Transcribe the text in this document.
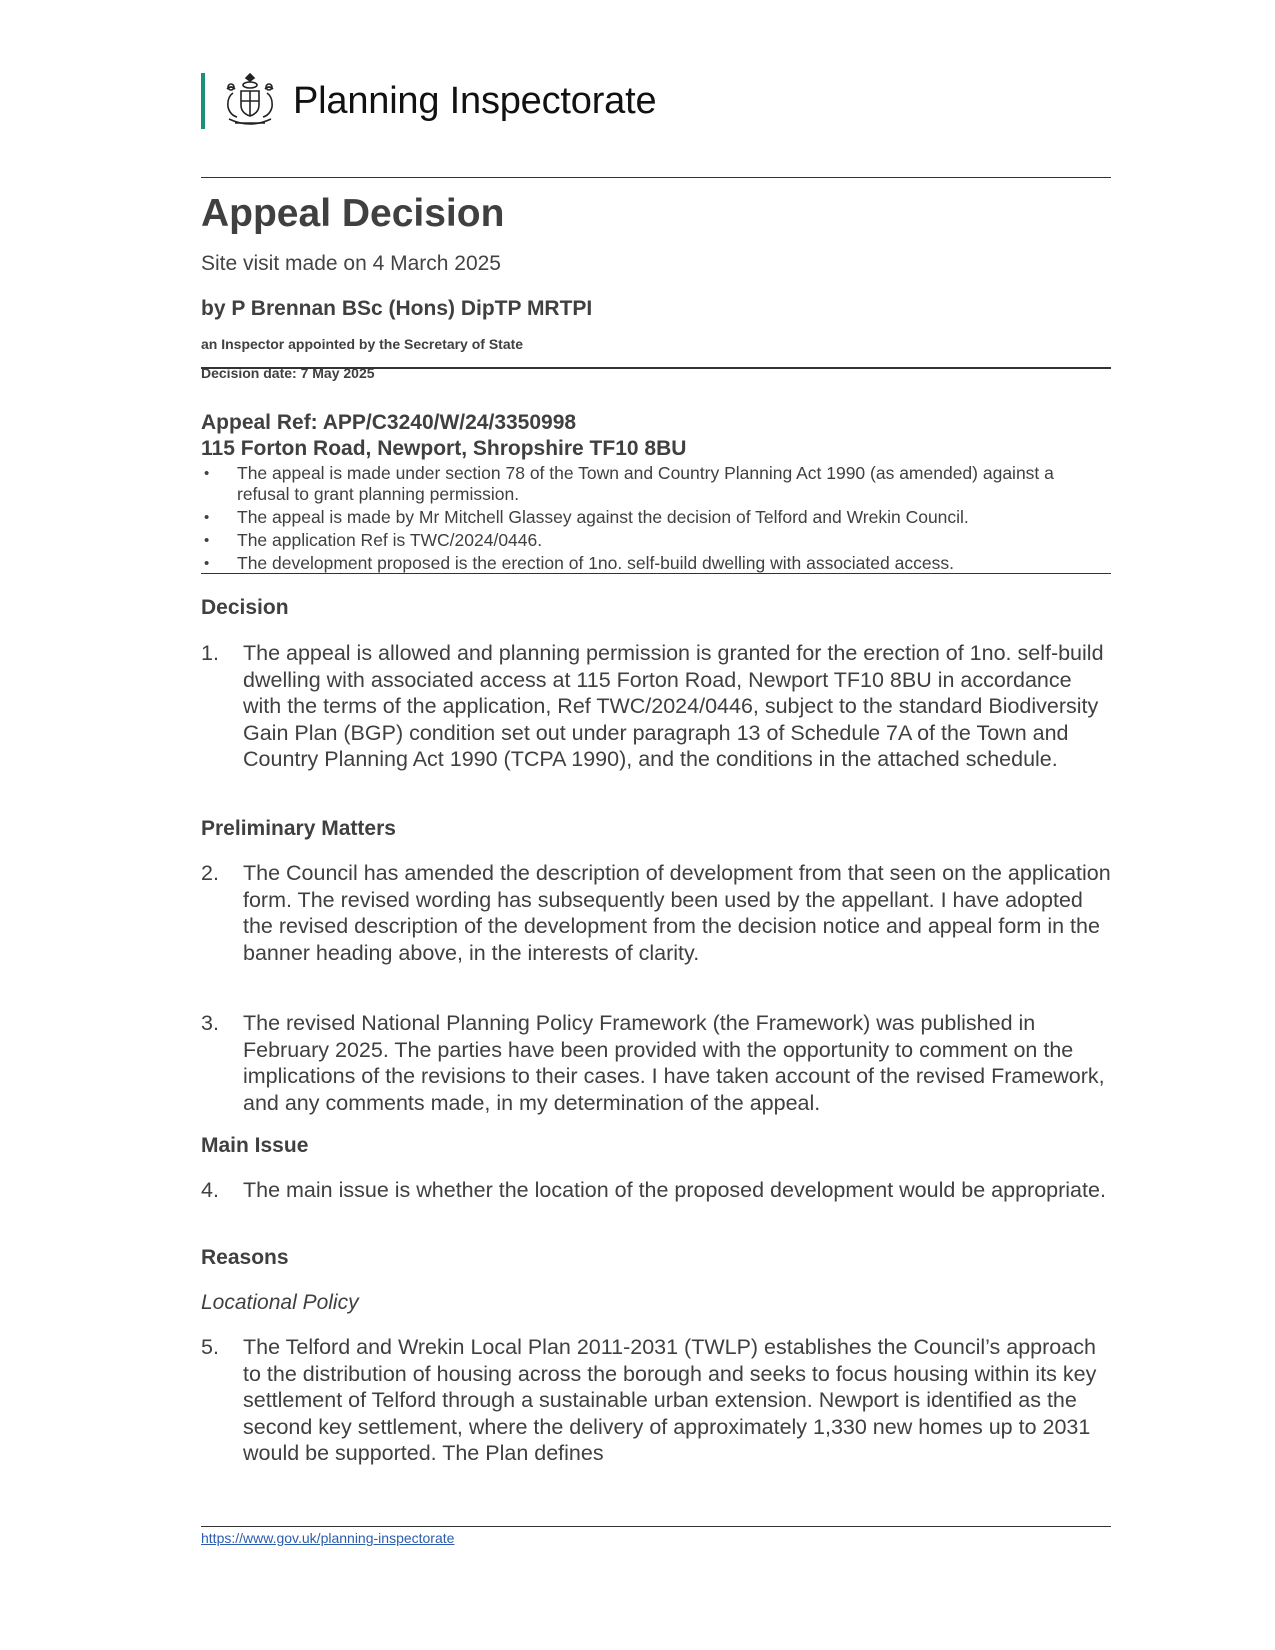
Planning Inspectorate
Appeal Decision
Site visit made on 4 March 2025
by P Brennan BSc (Hons) DipTP MRTPI
an Inspector appointed by the Secretary of State
Decision date: 7 May 2025
Appeal Ref: APP/C3240/W/24/3350998
115 Forton Road, Newport, Shropshire TF10 8BU
• The appeal is made under section 78 of the Town and Country Planning Act 1990 (as amended) against a refusal to grant planning permission.
• The appeal is made by Mr Mitchell Glassey against the decision of Telford and Wrekin Council.
• The application Ref is TWC/2024/0446.
• The development proposed is the erection of 1no. self-build dwelling with associated access.
Decision
1.	The appeal is allowed and planning permission is granted for the erection of 1no. self-build dwelling with associated access at 115 Forton Road, Newport TF10 8BU in accordance with the terms of the application, Ref TWC/2024/0446, subject to the standard Biodiversity Gain Plan (BGP) condition set out under paragraph 13 of Schedule 7A of the Town and Country Planning Act 1990 (TCPA 1990), and the conditions in the attached schedule.
Preliminary Matters
2.	The Council has amended the description of development from that seen on the application form. The revised wording has subsequently been used by the appellant. I have adopted the revised description of the development from the decision notice and appeal form in the banner heading above, in the interests of clarity.
3.	The revised National Planning Policy Framework (the Framework) was published in February 2025. The parties have been provided with the opportunity to comment on the implications of the revisions to their cases. I have taken account of the revised Framework, and any comments made, in my determination of the appeal.
Main Issue
4.	The main issue is whether the location of the proposed development would be appropriate.
Reasons
Locational Policy
5.	The Telford and Wrekin Local Plan 2011-2031 (TWLP) establishes the Council’s approach to the distribution of housing across the borough and seeks to focus housing within its key settlement of Telford through a sustainable urban extension. Newport is identified as the second key settlement, where the delivery of approximately 1,330 new homes up to 2031 would be supported. The Plan defines
https://www.gov.uk/planning-inspectorate
